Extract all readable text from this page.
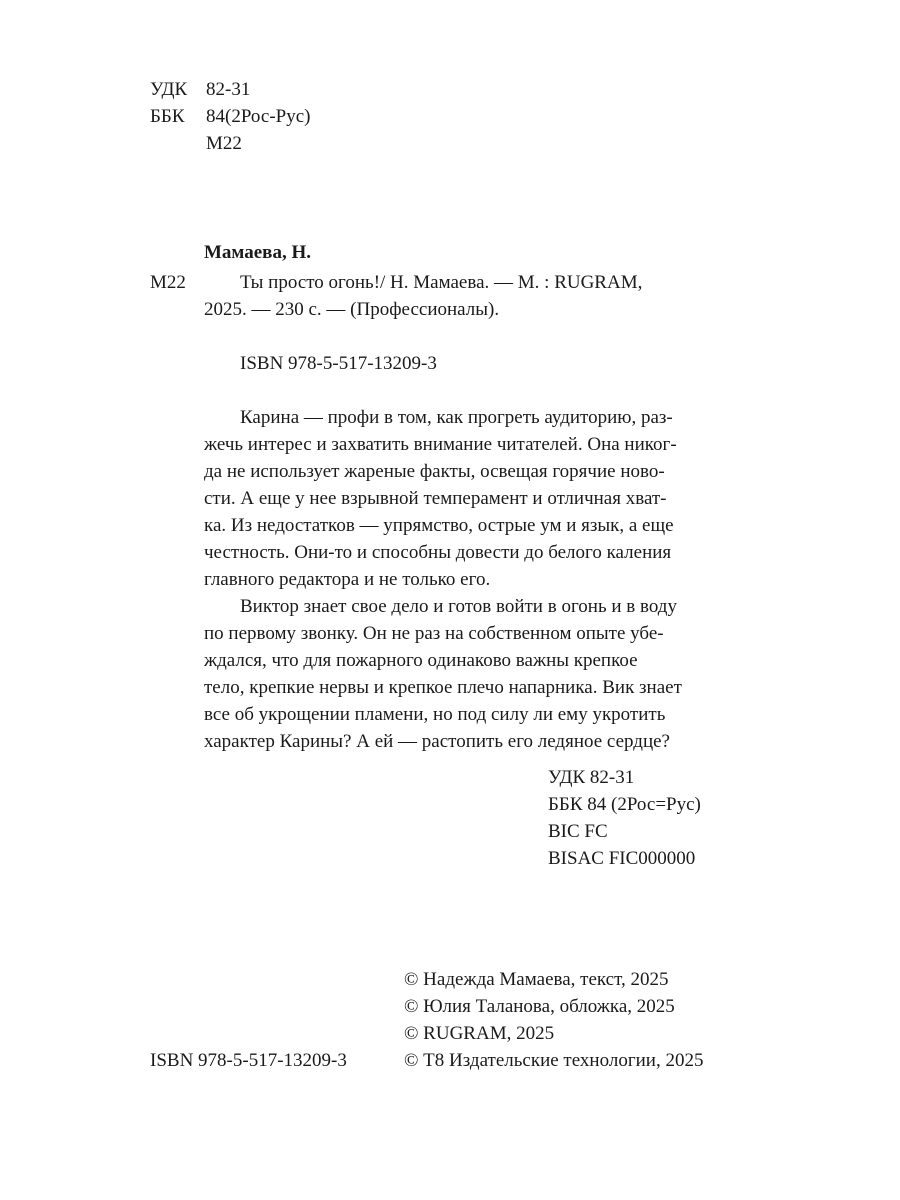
УДК 82-31
ББК 84(2Рос-Рус)
М22
Мамаева, Н.
М22	Ты просто огонь!/ Н. Мамаева. — М. : RUGRAM,
2025. — 230 с. — (Профессионалы).
ISBN 978-5-517-13209-3
Карина — профи в том, как прогреть аудиторию, раз-
жечь интерес и захватить внимание читателей. Она никог-
да не использует жареные факты, освещая горячие ново-
сти. А еще у нее взрывной темперамент и отличная хват-
ка. Из недостатков — упрямство, острые ум и язык, а еще
честность. Они-то и способны довести до белого каления
главного редактора и не только его.
Виктор знает свое дело и готов войти в огонь и в воду
по первому звонку. Он не раз на собственном опыте убе-
ждался, что для пожарного одинаково важны крепкое
тело, крепкие нервы и крепкое плечо напарника. Вик знает
все об укрощении пламени, но под силу ли ему укротить
характер Карины? А ей — растопить его ледяное сердце?
УДК 82-31
ББК 84 (2Рос=Рус)
BIC FC
BISAC FIC000000
© Надежда Мамаева, текст, 2025
© Юлия Таланова, обложка, 2025
© RUGRAM, 2025
© Т8 Издательские технологии, 2025
ISBN 978-5-517-13209-3
